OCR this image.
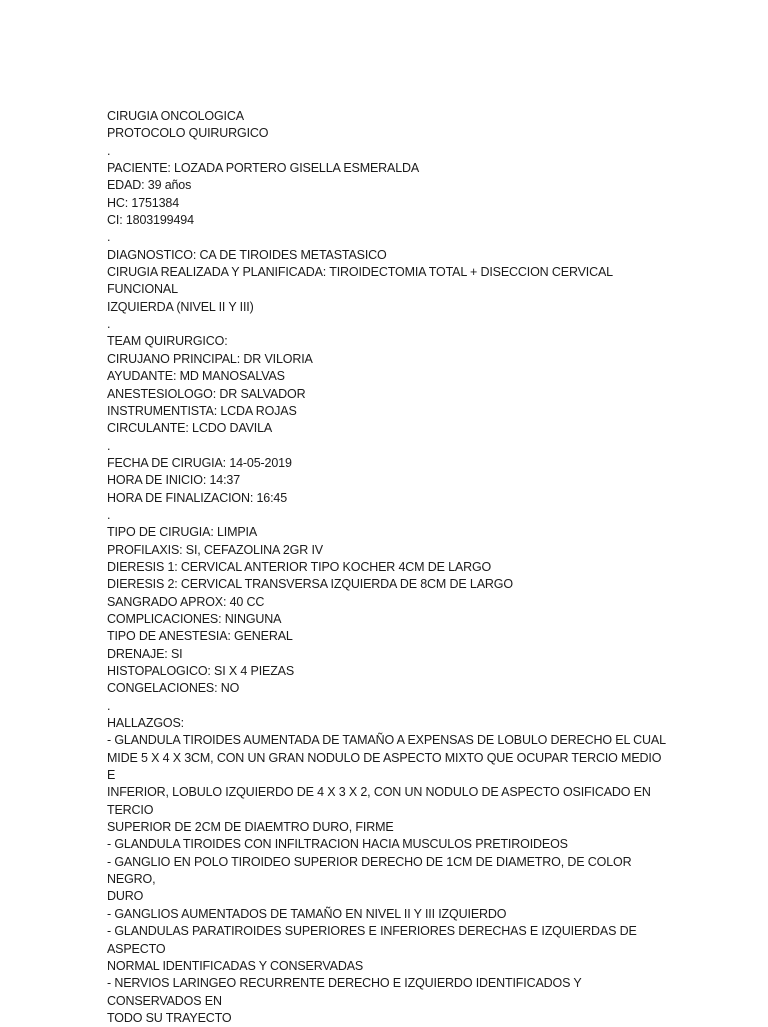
CIRUGIA ONCOLOGICA
PROTOCOLO QUIRURGICO
.
PACIENTE: LOZADA PORTERO GISELLA ESMERALDA
EDAD: 39 años
HC: 1751384
CI: 1803199494
.
DIAGNOSTICO: CA DE TIROIDES METASTASICO
CIRUGIA REALIZADA Y PLANIFICADA: TIROIDECTOMIA TOTAL + DISECCION CERVICAL FUNCIONAL
IZQUIERDA (NIVEL II Y III)
.
TEAM QUIRURGICO:
CIRUJANO PRINCIPAL: DR VILORIA
AYUDANTE: MD MANOSALVAS
ANESTESIOLOGO: DR SALVADOR
INSTRUMENTISTA: LCDA ROJAS
CIRCULANTE: LCDO DAVILA
.
FECHA DE CIRUGIA: 14-05-2019
HORA DE INICIO: 14:37
HORA DE FINALIZACION: 16:45
.
TIPO DE CIRUGIA: LIMPIA
PROFILAXIS: SI, CEFAZOLINA 2GR IV
DIERESIS 1: CERVICAL ANTERIOR TIPO KOCHER 4CM DE LARGO
DIERESIS 2: CERVICAL TRANSVERSA IZQUIERDA DE 8CM DE LARGO
SANGRADO APROX: 40 CC
COMPLICACIONES: NINGUNA
TIPO DE ANESTESIA: GENERAL
DRENAJE: SI
HISTOPALOGICO: SI X 4 PIEZAS
CONGELACIONES: NO
.
HALLAZGOS:
- GLANDULA TIROIDES AUMENTADA DE TAMAÑO A EXPENSAS DE LOBULO DERECHO EL CUAL
MIDE 5 X 4 X 3CM, CON UN GRAN NODULO DE ASPECTO MIXTO QUE OCUPAR TERCIO MEDIO E
INFERIOR, LOBULO IZQUIERDO DE 4 X 3 X 2, CON UN NODULO DE ASPECTO OSIFICADO EN TERCIO
SUPERIOR DE 2CM DE DIAEMTRO DURO, FIRME
- GLANDULA TIROIDES CON INFILTRACION HACIA MUSCULOS PRETIROIDEOS
- GANGLIO EN POLO TIROIDEO SUPERIOR DERECHO DE 1CM DE DIAMETRO, DE COLOR NEGRO,
DURO
- GANGLIOS AUMENTADOS DE TAMAÑO EN NIVEL II Y III IZQUIERDO
- GLANDULAS PARATIROIDES SUPERIORES E INFERIORES DERECHAS E IZQUIERDAS DE ASPECTO
NORMAL IDENTIFICADAS Y CONSERVADAS
- NERVIOS LARINGEO RECURRENTE DERECHO E IZQUIERDO IDENTIFICADOS Y CONSERVADOS EN
TODO SU TRAYECTO
